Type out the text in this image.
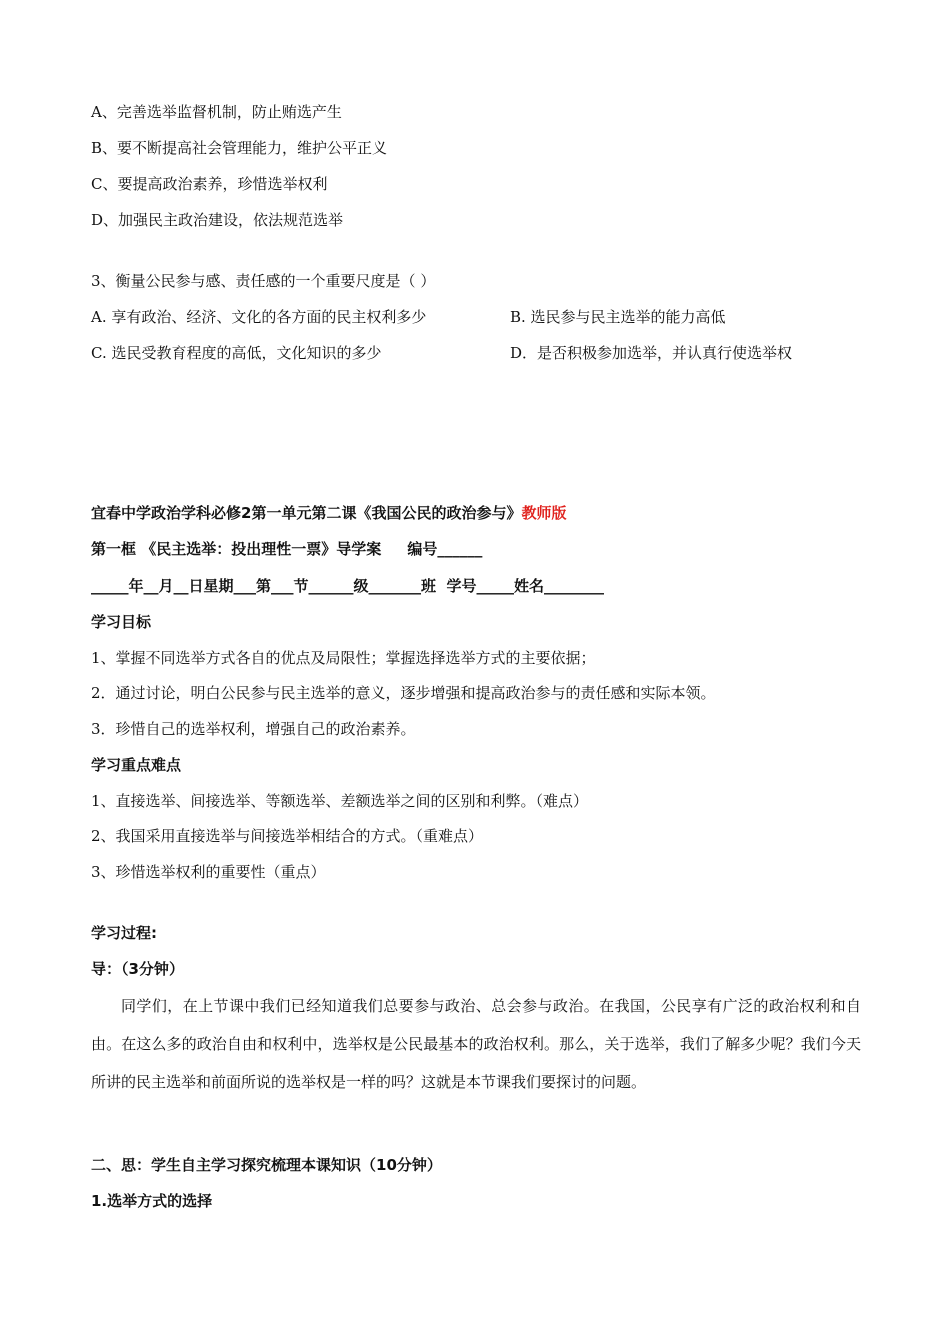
A、完善选举监督机制，防止贿选产生
B、要不断提高社会管理能力，维护公平正义
C、要提高政治素养，珍惜选举权利
D、加强民主政治建设，依法规范选举
3、衡量公民参与感、责任感的一个重要尺度是（ ）
A. 享有政治、经济、文化的各方面的民主权利多少	B. 选民参与民主选举的能力高低
C. 选民受教育程度的高低，文化知识的多少	D．是否积极参加选举，并认真行使选举权
宜春中学政治学科必修2第一单元第二课《我国公民的政治参与》教师版
第一框 《民主选举：投出理性一票》导学案     编号______
_____年__月__日星期___第___节______级_______班  学号_____姓名________
学习目标
1、掌握不同选举方式各自的优点及局限性；掌握选择选举方式的主要依据；
2．通过讨论，明白公民参与民主选举的意义，逐步增强和提高政治参与的责任感和实际本领。
3．珍惜自己的选举权利，增强自己的政治素养。
学习重点难点
1、直接选举、间接选举、等额选举、差额选举之间的区别和利弊。（难点）
2、我国采用直接选举与间接选举相结合的方式。（重难点）
3、珍惜选举权利的重要性（重点）
学习过程:
导：（3分钟）
同学们，在上节课中我们已经知道我们总要参与政治、总会参与政治。在我国，公民享有广泛的政治权利和自由。在这么多的政治自由和权利中，选举权是公民最基本的政治权利。那么，关于选举，我们了解多少呢？我们今天所讲的民主选举和前面所说的选举权是一样的吗？这就是本节课我们要探讨的问题。
二、思：学生自主学习探究梳理本课知识（10分钟）
1.选举方式的选择
